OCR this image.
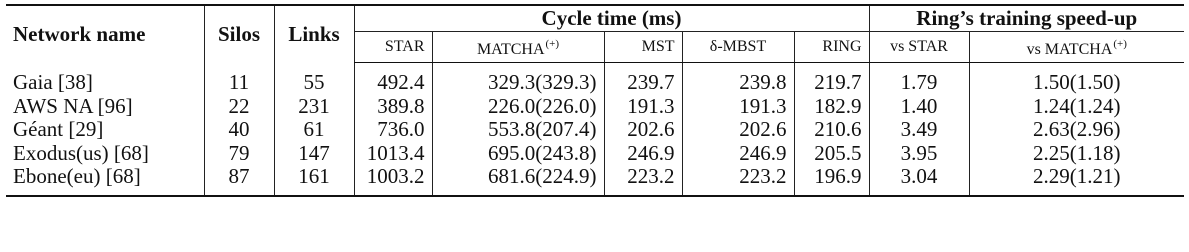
Network name	Silos	Links	Cycle time (ms)					Ring’s training speed-up	
			STAR	MATCHA(+)	MST	δ-MBST	RING	vs STAR	vs MATCHA(+)
Gaia [38]	11	55	492.4	329.3(329.3)	239.7	239.8	219.7	1.79	1.50(1.50)
AWS NA [96]	22	231	389.8	226.0(226.0)	191.3	191.3	182.9	1.40	1.24(1.24)
Géant [29]	40	61	736.0	553.8(207.4)	202.6	202.6	210.6	3.49	2.63(2.96)
Exodus(us) [68]	79	147	1013.4	695.0(243.8)	246.9	246.9	205.5	3.95	2.25(1.18)
Ebone(eu) [68]	87	161	1003.2	681.6(224.9)	223.2	223.2	196.9	3.04	2.29(1.21)
